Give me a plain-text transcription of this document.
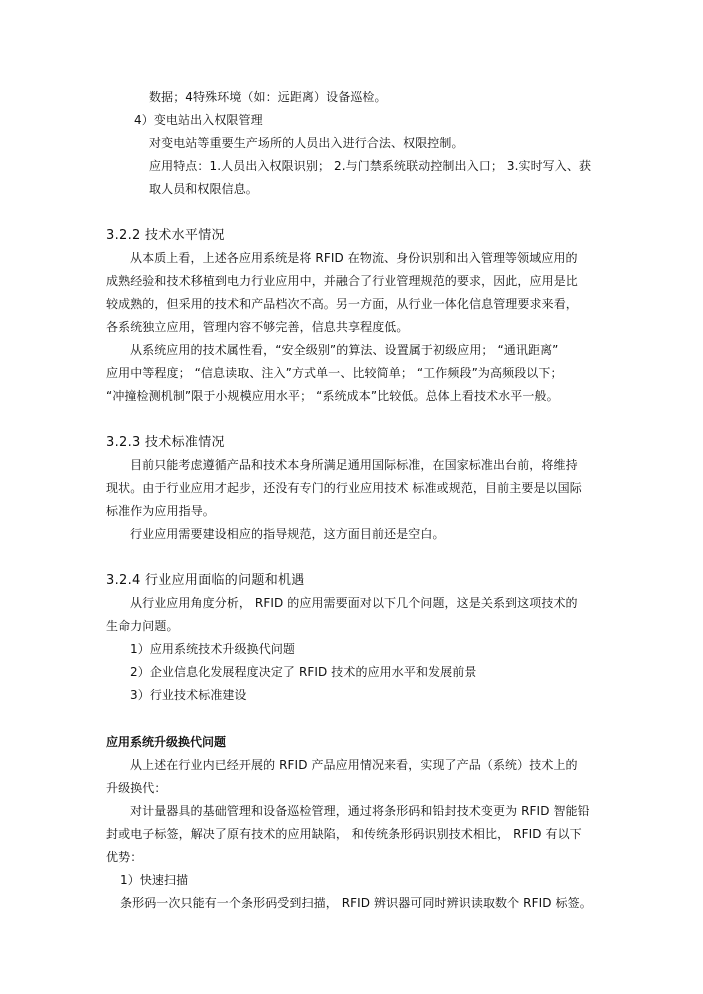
数据；4特殊环境（如：远距离）设备巡检。
4）变电站出入权限管理
对变电站等重要生产场所的人员出入进行合法、权限控制。
应用特点：1.人员出入权限识别； 2.与门禁系统联动控制出入口； 3.实时写入、获
取人员和权限信息。
3.2.2 技术水平情况
从本质上看，上述各应用系统是将 RFID 在物流、身份识别和出入管理等领域应用的
成熟经验和技术移植到电力行业应用中，并融合了行业管理规范的要求，因此，应用是比
较成熟的，但采用的技术和产品档次不高。另一方面，从行业一体化信息管理要求来看，
各系统独立应用，管理内容不够完善，信息共享程度低。
从系统应用的技术属性看，“安全级别”的算法、设置属于初级应用； “通讯距离”
应用中等程度； “信息读取、注入”方式单一、比较简单； “工作频段”为高频段以下；
“冲撞检测机制”限于小规模应用水平； “系统成本”比较低。总体上看技术水平一般。
3.2.3 技术标准情况
目前只能考虑遵循产品和技术本身所满足通用国际标准，在国家标准出台前，将维持
现状。由于行业应用才起步，还没有专门的行业应用技术 标准或规范，目前主要是以国际
标准作为应用指导。
行业应用需要建设相应的指导规范，这方面目前还是空白。
3.2.4 行业应用面临的问题和机遇
从行业应用角度分析， RFID 的应用需要面对以下几个问题，这是关系到这项技术的
生命力问题。
1）应用系统技术升级换代问题
2）企业信息化发展程度决定了 RFID 技术的应用水平和发展前景
3）行业技术标准建设
应用系统升级换代问题
从上述在行业内已经开展的 RFID 产品应用情况来看，实现了产品（系统）技术上的
升级换代：
对计量器具的基础管理和设备巡检管理，通过将条形码和铅封技术变更为 RFID 智能铅
封或电子标签，解决了原有技术的应用缺陷， 和传统条形码识别技术相比， RFID 有以下
优势：
1）快速扫描
条形码一次只能有一个条形码受到扫描， RFID 辨识器可同时辨识读取数个 RFID 标签。
